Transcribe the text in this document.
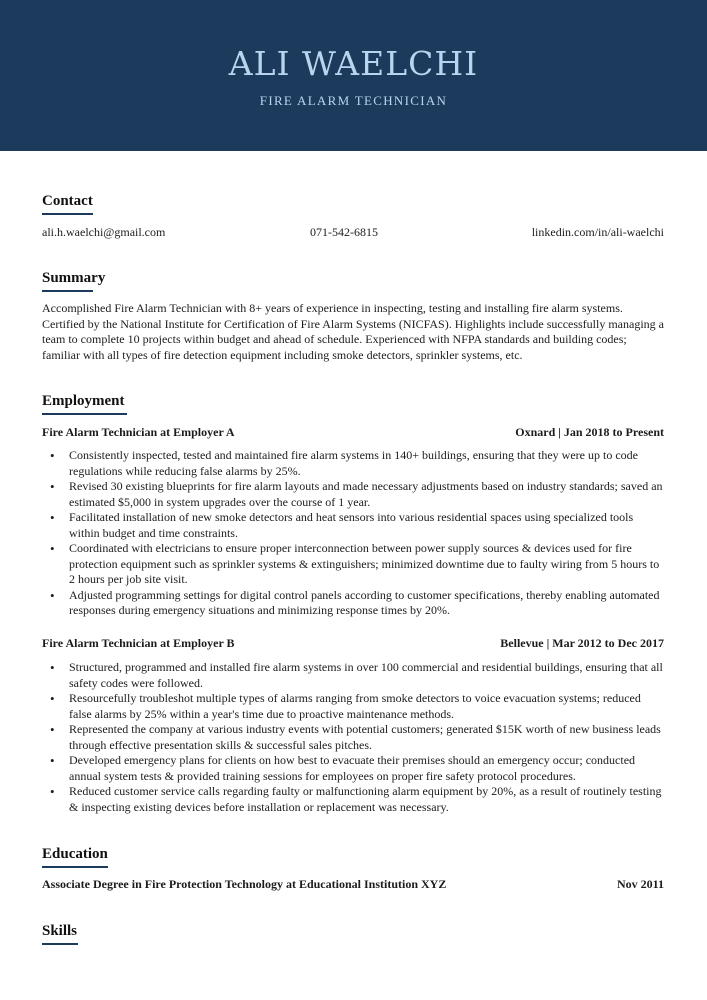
ALI WAELCHI
FIRE ALARM TECHNICIAN
Contact
ali.h.waelchi@gmail.com	071-542-6815	linkedin.com/in/ali-waelchi
Summary
Accomplished Fire Alarm Technician with 8+ years of experience in inspecting, testing and installing fire alarm systems. Certified by the National Institute for Certification of Fire Alarm Systems (NICFAS). Highlights include successfully managing a team to complete 10 projects within budget and ahead of schedule. Experienced with NFPA standards and building codes; familiar with all types of fire detection equipment including smoke detectors, sprinkler systems, etc.
Employment
Fire Alarm Technician at Employer A	Oxnard | Jan 2018 to Present
• Consistently inspected, tested and maintained fire alarm systems in 140+ buildings, ensuring that they were up to code regulations while reducing false alarms by 25%.
• Revised 30 existing blueprints for fire alarm layouts and made necessary adjustments based on industry standards; saved an estimated $5,000 in system upgrades over the course of 1 year.
• Facilitated installation of new smoke detectors and heat sensors into various residential spaces using specialized tools within budget and time constraints.
• Coordinated with electricians to ensure proper interconnection between power supply sources & devices used for fire protection equipment such as sprinkler systems & extinguishers; minimized downtime due to faulty wiring from 5 hours to 2 hours per job site visit.
• Adjusted programming settings for digital control panels according to customer specifications, thereby enabling automated responses during emergency situations and minimizing response times by 20%.
Fire Alarm Technician at Employer B	Bellevue | Mar 2012 to Dec 2017
• Structured, programmed and installed fire alarm systems in over 100 commercial and residential buildings, ensuring that all safety codes were followed.
• Resourcefully troubleshot multiple types of alarms ranging from smoke detectors to voice evacuation systems; reduced false alarms by 25% within a year's time due to proactive maintenance methods.
• Represented the company at various industry events with potential customers; generated $15K worth of new business leads through effective presentation skills & successful sales pitches.
• Developed emergency plans for clients on how best to evacuate their premises should an emergency occur; conducted annual system tests & provided training sessions for employees on proper fire safety protocol procedures.
• Reduced customer service calls regarding faulty or malfunctioning alarm equipment by 20%, as a result of routinely testing & inspecting existing devices before installation or replacement was necessary.
Education
Associate Degree in Fire Protection Technology at Educational Institution XYZ	Nov 2011
Skills
